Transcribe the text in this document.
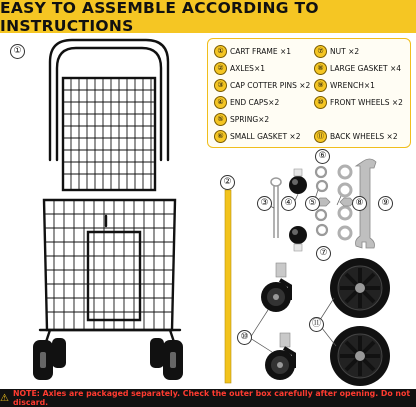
EASY TO ASSEMBLE ACCORDING TO INSTRUCTIONS
①
②
③	④	⑤
⑥
⑦
⑧	⑨
⑩
⑪
① CART FRAME ×1	⑦ NUT ×2
② AXLES×1	⑧ LARGE GASKET ×4
③ CAP COTTER PINS ×2	⑨ WRENCH×1
④ END CAPS×2	⑩ FRONT WHEELS ×2
⑤ SPRING×2
⑥ SMALL GASKET ×2	⑪ BACK WHEELS ×2
⚠ NOTE: Axles are packaged separately. Check the outer box carefully after opening. Do not discard.
